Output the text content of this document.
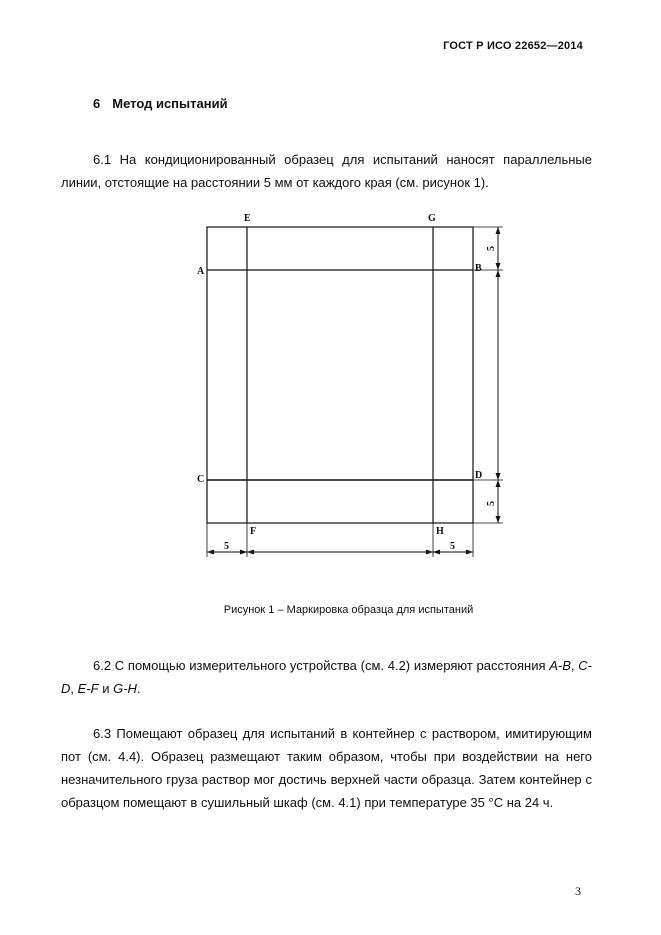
ГОСТ Р ИСО 22652—2014
6 Метод испытаний

6.1 На кондиционированный образец для испытаний наносят параллельные линии, отстоящие на расстоянии 5 мм от каждого края (см. рисунок 1).

E	G
A	B
C	D
F	H
5
5
5	5
Рисунок 1 – Маркировка образца для испытаний

6.2 С помощью измерительного устройства (см. 4.2) измеряют расстояния A-B, C-D, E-F и G-H.

6.3 Помещают образец для испытаний в контейнер с раствором, имитирующим пот (см. 4.4). Образец размещают таким образом, чтобы при воздействии на него незначительного груза раствор мог достичь верхней части образца. Затем контейнер с образцом помещают в сушильный шкаф (см. 4.1) при температуре 35 °С на 24 ч.

3
